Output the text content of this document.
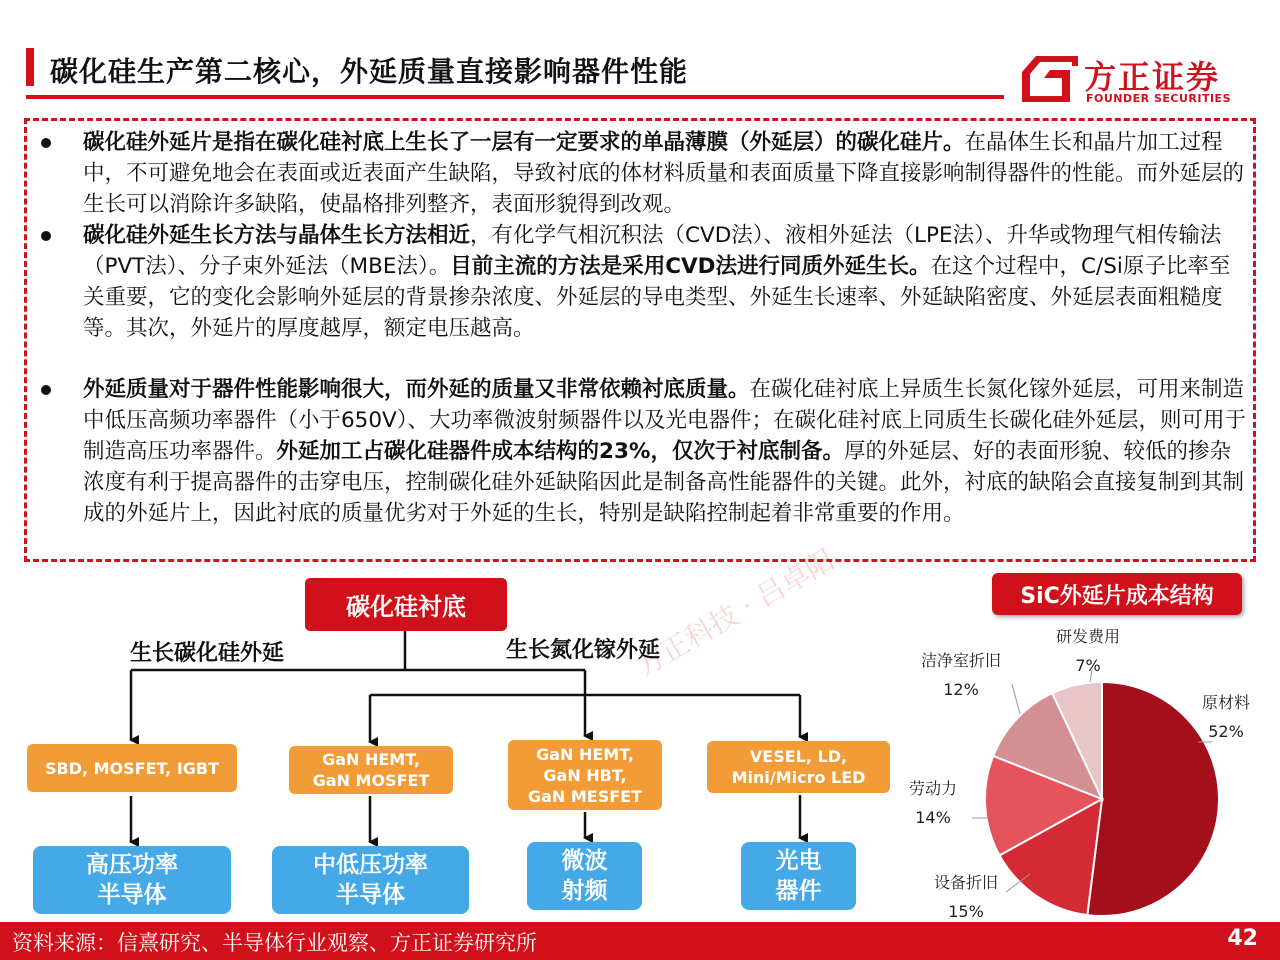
碳化硅生产第二核心，外延质量直接影响器件性能	方正证券
FOUNDER SECURITIES

碳化硅外延片是指在碳化硅衬底上生长了一层有一定要求的单晶薄膜（外延层）的碳化硅片。在晶体生长和晶片加工过程中，不可避免地会在表面或近表面产生缺陷，导致衬底的体材料质量和表面质量下降直接影响制得器件的性能。而外延层的生长可以消除许多缺陷，使晶格排列整齐，表面形貌得到改观。

碳化硅外延生长方法与晶体生长方法相近，有化学气相沉积法（CVD法）、液相外延法（LPE法）、升华或物理气相传输法（PVT法）、分子束外延法（MBE法）。目前主流的方法是采用CVD法进行同质外延生长。在这个过程中，C/Si原子比率至关重要，它的变化会影响外延层的背景掺杂浓度、外延层的导电类型、外延生长速率、外延缺陷密度、外延层表面粗糙度等。其次，外延片的厚度越厚，额定电压越高。

外延质量对于器件性能影响很大，而外延的质量又非常依赖衬底质量。在碳化硅衬底上异质生长氮化镓外延层，可用来制造中低压高频功率器件（小于650V）、大功率微波射频器件以及光电器件；在碳化硅衬底上同质生长碳化硅外延层，则可用于制造高压功率器件。外延加工占碳化硅器件成本结构的23%，仅次于衬底制备。厚的外延层、好的表面形貌、较低的掺杂浓度有利于提高器件的击穿电压，控制碳化硅外延缺陷因此是制备高性能器件的关键。此外，衬底的缺陷会直接复制到其制成的外延片上，因此衬底的质量优劣对于外延的生长，特别是缺陷控制起着非常重要的作用。

方正科技 · 吕卓阳
碳化硅衬底
生长碳化硅外延	生长氮化镓外延
SBD, MOSFET, IGBT	GaN HEMT,
GaN MOSFET
GaN HEMT,
GaN HBT,
GaN MESFET
VESEL, LD,
Mini/Micro LED
高压功率
半导体
中低压功率
半导体
微波
射频
光电
器件
SiC外延片成本结构
原材料
52%
设备折旧
15%
劳动力
14%
洁净室折旧
12%
研发费用
7%
资料来源：信熹研究、半导体行业观察、方正证券研究所	42
